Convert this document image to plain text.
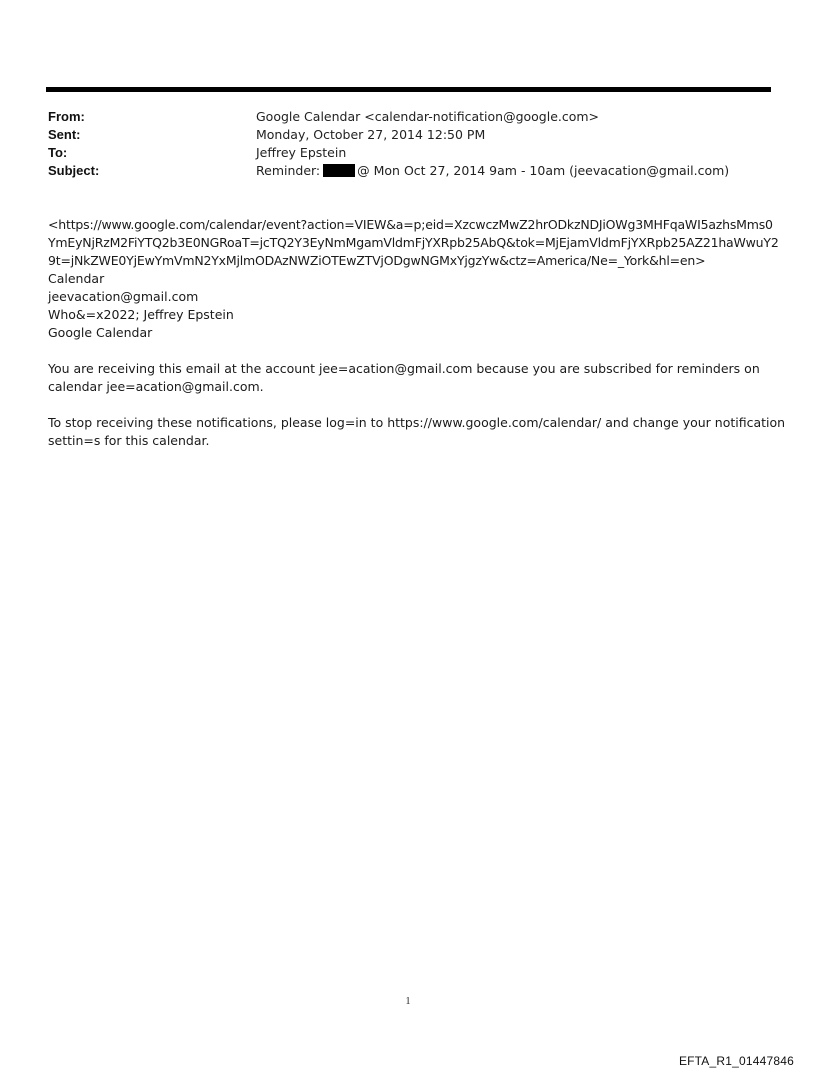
From:	Google Calendar <calendar-notification@google.com>
Sent:	Monday, October 27, 2014 12:50 PM
To:	Jeffrey Epstein
Subject:	Reminder:	@ Mon Oct 27, 2014 9am - 10am (jeevacation@gmail.com)
<https://www.google.com/calendar/event?action=VIEW&a=p;eid=XzcwczMwZ2hrODkzNDJiOWg3MHFqaWI5azhsMms0
YmEyNjRzM2FiYTQ2b3E0NGRoaT=jcTQ2Y3EyNmMgamVldmFjYXRpb25AbQ&tok=MjEjamVldmFjYXRpb25AZ21haWwuY2
9t=jNkZWE0YjEwYmVmN2YxMjlmODAzNWZiOTEwZTVjODgwNGMxYjgzYw&ctz=America/Ne=_York&hl=en>
Calendar
jeevacation@gmail.com
Who&=x2022; Jeffrey Epstein
Google Calendar
You are receiving this email at the account jee=acation@gmail.com because you are subscribed for reminders on
calendar jee=acation@gmail.com.
To stop receiving these notifications, please log=in to https://www.google.com/calendar/ and change your notification
settin=s for this calendar.
1
EFTA_R1_01447846
